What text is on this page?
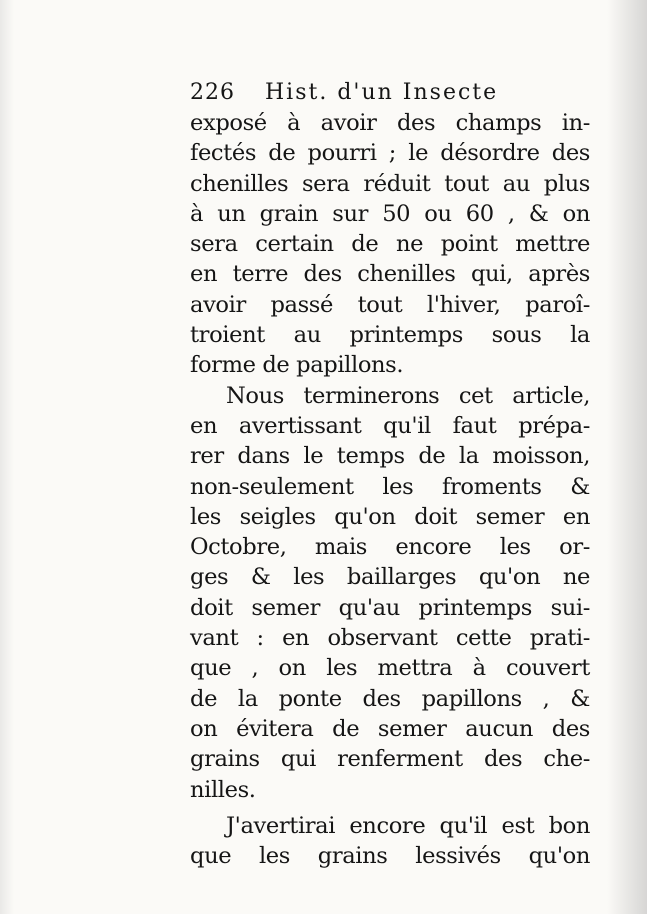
226 Hist. d'un Insecte
exposé à avoir des champs in-
fectés de pourri ; le désordre des
chenilles sera réduit tout au plus
à un grain sur 50 ou 60 , & on
sera certain de ne point mettre
en terre des chenilles qui, après
avoir passé tout l'hiver, paroî-
troient au printemps sous la
forme de papillons.
Nous terminerons cet article,
en avertissant qu'il faut prépa-
rer dans le temps de la moisson,
non-seulement les froments &
les seigles qu'on doit semer en
Octobre, mais encore les or-
ges & les baillarges qu'on ne
doit semer qu'au printemps sui-
vant : en observant cette prati-
que , on les mettra à couvert
de la ponte des papillons , &
on évitera de semer aucun des
grains qui renferment des che-
nilles.
J'avertirai encore qu'il est bon
que les grains lessivés qu'on
